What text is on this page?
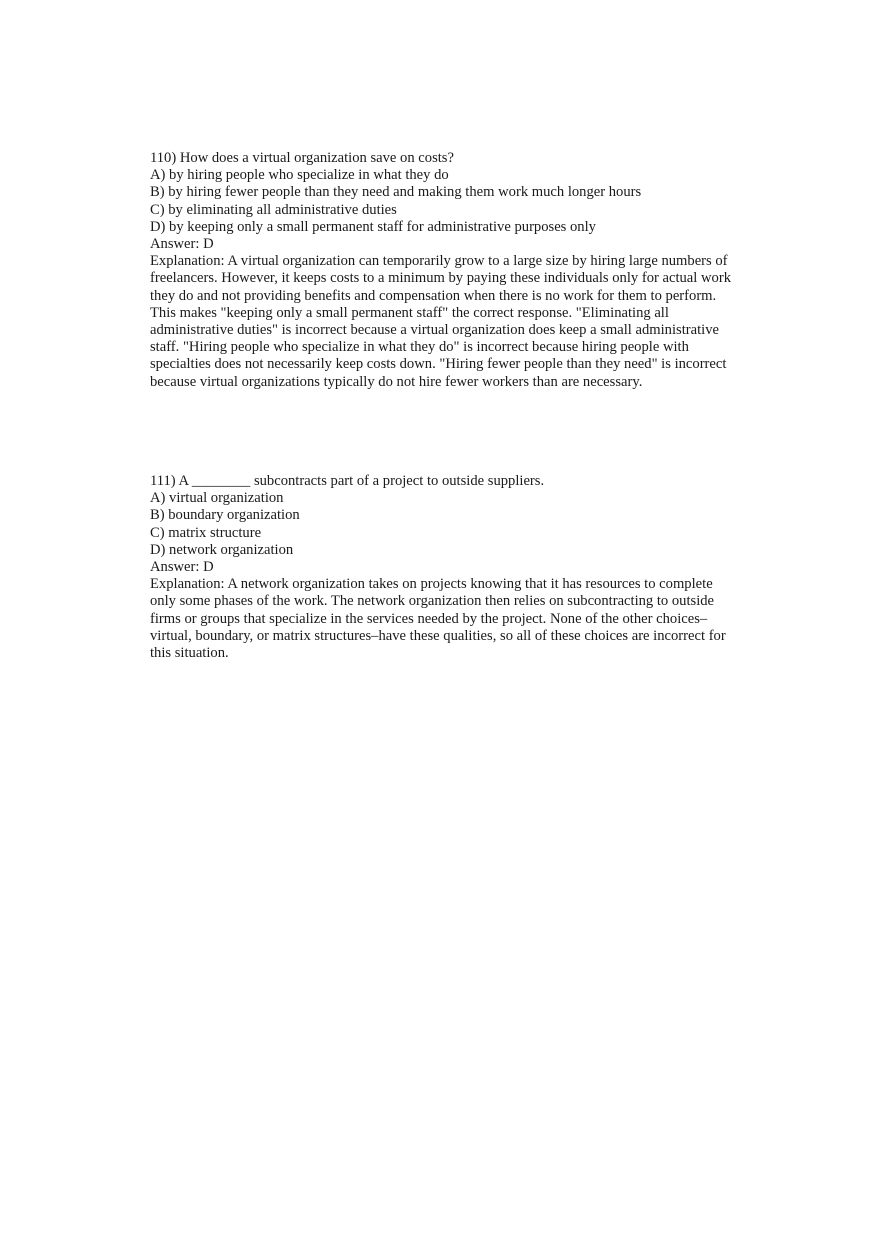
110) How does a virtual organization save on costs?

A) by hiring people who specialize in what they do

B) by hiring fewer people than they need and making them work much longer hours

C) by eliminating all administrative duties

D) by keeping only a small permanent staff for administrative purposes only

Answer: D

Explanation: A virtual organization can temporarily grow to a large size by hiring large numbers of freelancers. However, it keeps costs to a minimum by paying these individuals only for actual work they do and not providing benefits and compensation when there is no work for them to perform. This makes "keeping only a small permanent staff" the correct response. "Eliminating all administrative duties" is incorrect because a virtual organization does keep a small administrative staff. "Hiring people who specialize in what they do" is incorrect because hiring people with specialties does not necessarily keep costs down. "Hiring fewer people than they need" is incorrect because virtual organizations typically do not hire fewer workers than are necessary.

111) A ________ subcontracts part of a project to outside suppliers.

A) virtual organization

B) boundary organization

C) matrix structure

D) network organization

Answer: D

Explanation: A network organization takes on projects knowing that it has resources to complete only some phases of the work. The network organization then relies on subcontracting to outside firms or groups that specialize in the services needed by the project. None of the other choices–virtual, boundary, or matrix structures–have these qualities, so all of these choices are incorrect for this situation.
